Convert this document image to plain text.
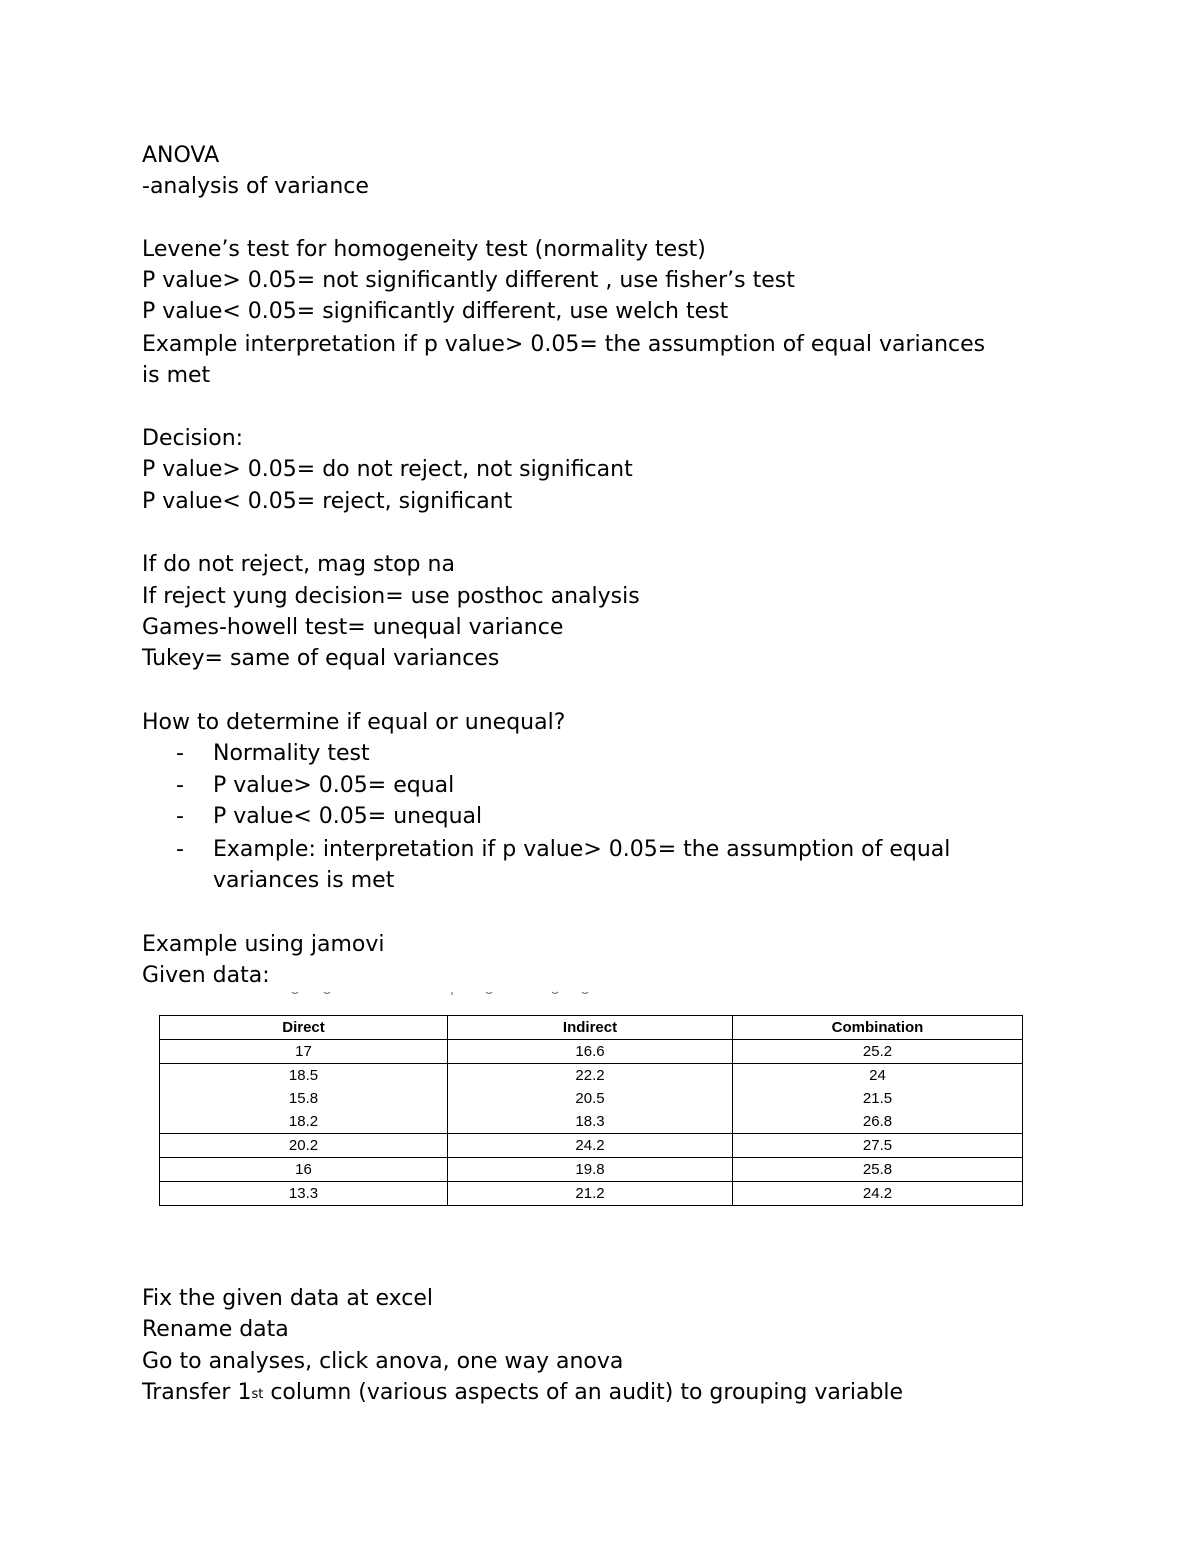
ANOVA
-analysis of variance
Levene’s test for homogeneity test (normality test)
P value> 0.05= not significantly different , use fisher’s test
P value< 0.05= significantly different, use welch test
Example interpretation if p value> 0.05= the assumption of equal variances
is met
Decision:
P value> 0.05= do not reject, not significant
P value< 0.05= reject, significant
If do not reject, mag stop na
If reject yung decision= use posthoc analysis
Games-howell test= unequal variance
Tukey= same of equal variances
How to determine if equal or unequal?
- Normality test
- P value> 0.05= equal
- P value< 0.05= unequal
- Example: interpretation if p value> 0.05= the assumption of equal
variances is met
Example using jamovi
Given data:
Direct	Indirect	Combination
17	16.6	25.2
18.5	22.2	24
15.8	20.5	21.5
18.2	18.3	26.8
20.2	24.2	27.5
16	19.8	25.8
13.3	21.2	24.2
Fix the given data at excel
Rename data
Go to analyses, click anova, one way anova
Transfer 1st column (various aspects of an audit) to grouping variable
